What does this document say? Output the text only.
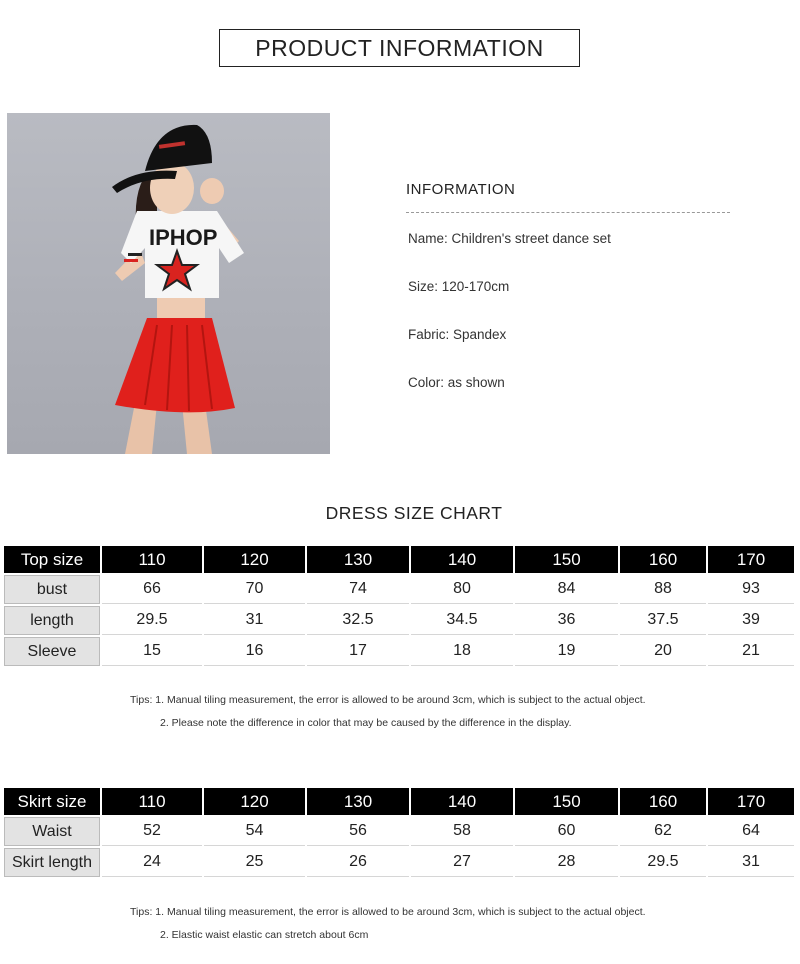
PRODUCT INFORMATION
IPHOP
INFORMATION
Name: Children's street dance set
Size: 120-170cm
Fabric: Spandex
Color: as shown
DRESS SIZE CHART
Top size	110	120	130	140	150	160	170
bust	66	70	74	80	84	88	93
length	29.5	31	32.5	34.5	36	37.5	39
Sleeve	15	16	17	18	19	20	21
Tips: 1. Manual tiling measurement, the error is allowed to be around 3cm, which is subject to the actual object.
2. Please note the difference in color that may be caused by the difference in the display.
Skirt size	110	120	130	140	150	160	170
Waist	52	54	56	58	60	62	64
Skirt length	24	25	26	27	28	29.5	31
Tips: 1. Manual tiling measurement, the error is allowed to be around 3cm, which is subject to the actual object.
2. Elastic waist elastic can stretch about 6cm
